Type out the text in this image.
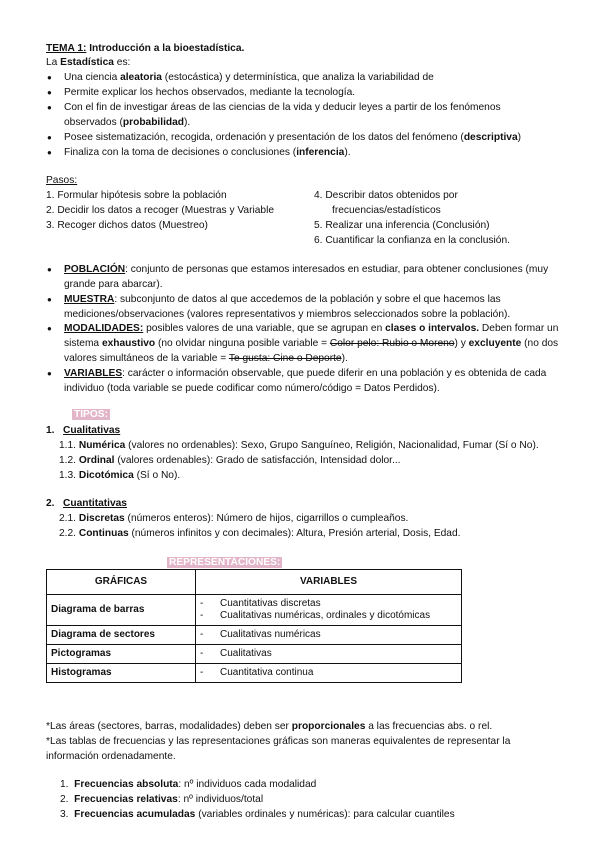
TEMA 1: Introducción a la bioestadística.
La Estadística es:
● Una ciencia aleatoria (estocástica) y determinística, que analiza la variabilidad de
● Permite explicar los hechos observados, mediante la tecnología.
● Con el fin de investigar áreas de las ciencias de la vida y deducir leyes a partir de los fenómenos
observados (probabilidad).
● Posee sistematización, recogida, ordenación y presentación de los datos del fenómeno (descriptiva)
● Finaliza con la toma de decisiones o conclusiones (inferencia).
Pasos:
1. Formular hipótesis sobre la población
2. Decidir los datos a recoger (Muestras y Variable
3. Recoger dichos datos (Muestreo)
4. Describir datos obtenidos por
frecuencias/estadísticos
5. Realizar una inferencia (Conclusión)
6. Cuantificar la confianza en la conclusión.
● POBLACIÓN: conjunto de personas que estamos interesados en estudiar, para obtener conclusiones (muy
grande para abarcar).
● MUESTRA: subconjunto de datos al que accedemos de la población y sobre el que hacemos las
mediciones/observaciones (valores representativos y miembros seleccionados sobre la población).
● MODALIDADES: posibles valores de una variable, que se agrupan en clases o intervalos. Deben formar un
sistema exhaustivo (no olvidar ninguna posible variable = Color pelo: Rubio o Moreno) y excluyente (no dos
valores simultáneos de la variable = Te gusta: Cine o Deporte).
● VARIABLES: carácter o información observable, que puede diferir en una población y es obtenida de cada
individuo (toda variable se puede codificar como número/código = Datos Perdidos).
TIPOS:
1. Cualitativas
1.1. Numérica (valores no ordenables): Sexo, Grupo Sanguíneo, Religión, Nacionalidad, Fumar (Sí o No).
1.2. Ordinal (valores ordenables): Grado de satisfacción, Intensidad dolor...
1.3. Dicotómica (Sí o No).
2. Cuantitativas
2.1. Discretas (números enteros): Número de hijos, cigarrillos o cumpleaños.
2.2. Continuas (números infinitos y con decimales): Altura, Presión arterial, Dosis, Edad.
REPRESENTACIONES:
GRÁFICAS	VARIABLES
Diagrama de barras	- Cuantitativas discretas
- Cualitativas numéricas, ordinales y dicotómicas

Diagrama de sectores	- Cualitativas numéricas

Pictogramas	- Cualitativas

Histogramas	- Cuantitativa continua
*Las áreas (sectores, barras, modalidades) deben ser proporcionales a las frecuencias abs. o rel.
*Las tablas de frecuencias y las representaciones gráficas son maneras equivalentes de representar la
información ordenadamente.
1. Frecuencias absoluta: nº individuos cada modalidad
2. Frecuencias relativas: nº individuos/total
3. Frecuencias acumuladas (variables ordinales y numéricas): para calcular cuantiles
